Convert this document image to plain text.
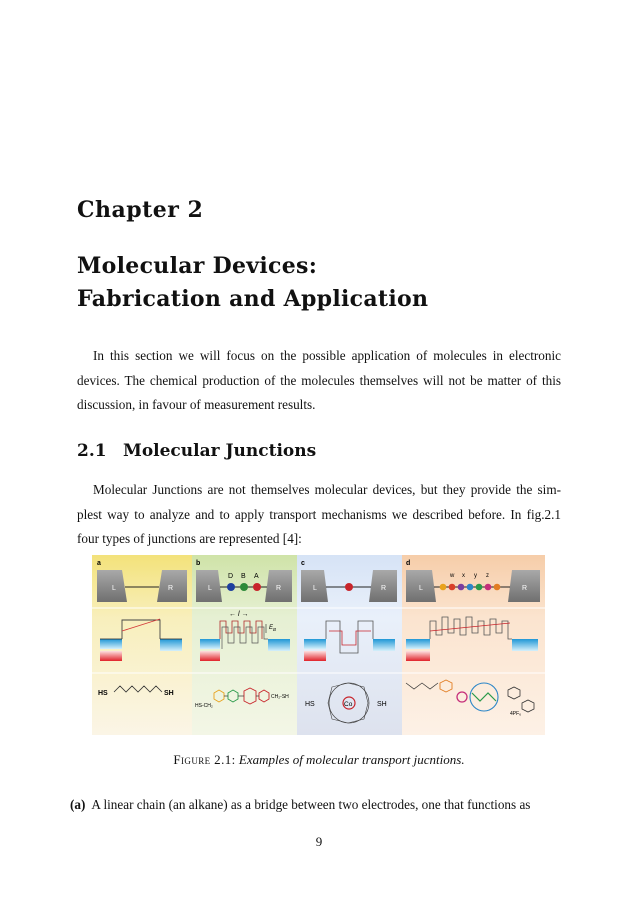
Chapter 2
Molecular Devices:
Fabrication and Application
In this section we will focus on the possible application of molecules in electronic
devices. The chemical production of the molecules themselves will not be matter of this
discussion, in favour of measurement results.
2.1 Molecular Junctions
Molecular Junctions are not themselves molecular devices, but they provide the sim-
plest way to analyze and to apply transport mechanisms we described before. In fig.2.1
four types of junctions are represented [4]:
a	b	c	d
L	R	L	R
D B A
L	R	L	R
w x y z
← l →
$E_B$
HS	SH
HS-CH₂
CH₂-SH
HS	Co	SH
4PF₆
Figure 2.1: Examples of molecular transport jucntions.
(a) A linear chain (an alkane) as a bridge between two electrodes, one that functions as
9
